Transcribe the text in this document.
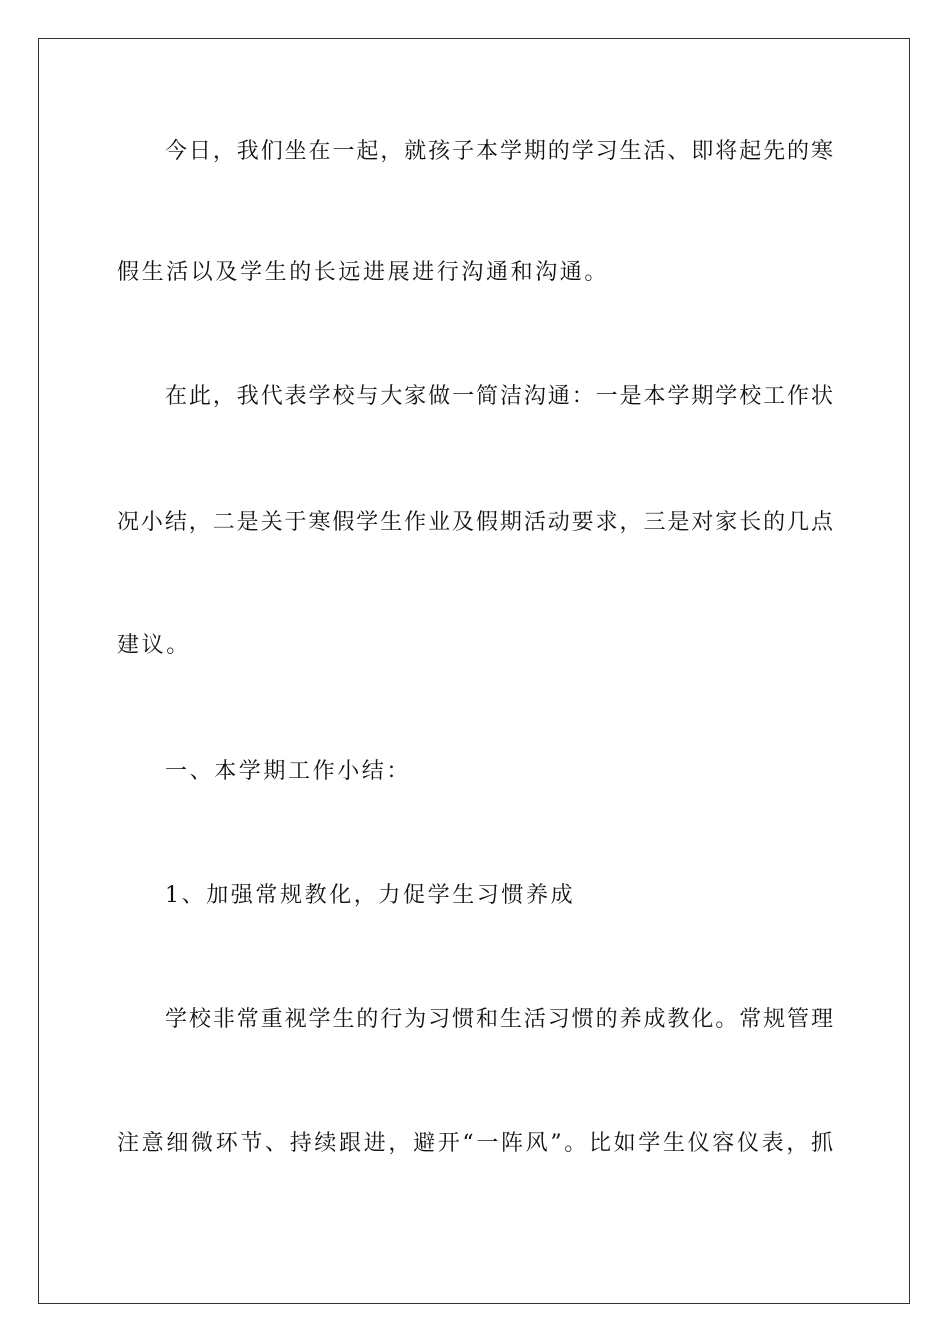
今日，我们坐在一起，就孩子本学期的学习生活、即将起先的寒
假生活以及学生的长远进展进行沟通和沟通。
在此，我代表学校与大家做一简洁沟通：一是本学期学校工作状
况小结，二是关于寒假学生作业及假期活动要求，三是对家长的几点
建议。
一、本学期工作小结：
1、加强常规教化，力促学生习惯养成
学校非常重视学生的行为习惯和生活习惯的养成教化。常规管理
注意细微环节、持续跟进，避开“一阵风”。比如学生仪容仪表，抓
